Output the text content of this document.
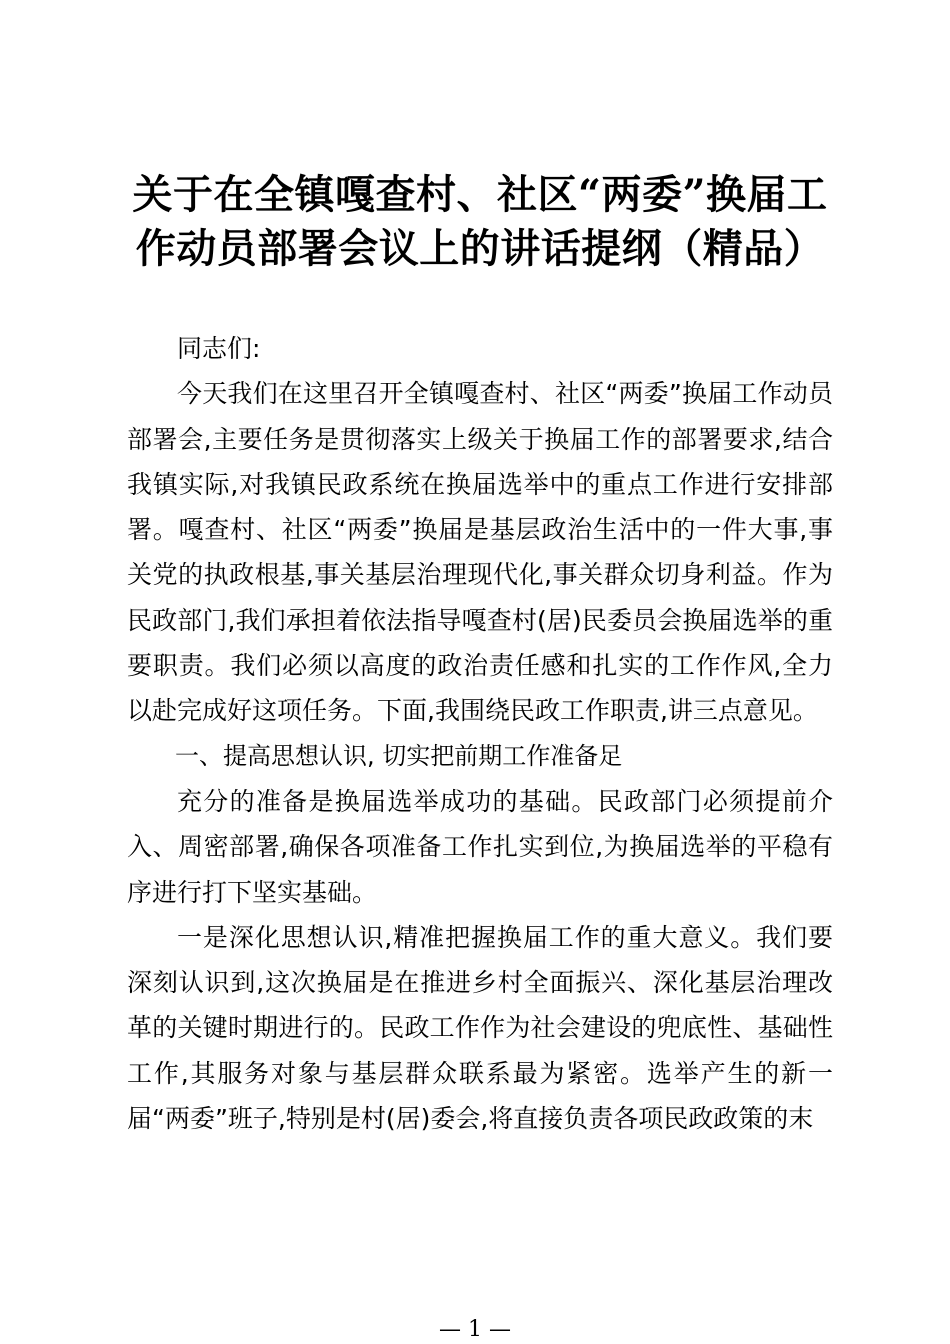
关于在全镇嘎查村、社区“两委”换届工作动员部署会议上的讲话提纲（精品）

同志们:

今天我们在这里召开全镇嘎查村、社区“两委”换届工作动员部署会,主要任务是贯彻落实上级关于换届工作的部署要求,结合我镇实际,对我镇民政系统在换届选举中的重点工作进行安排部署。嘎查村、社区“两委”换届是基层政治生活中的一件大事,事关党的执政根基,事关基层治理现代化,事关群众切身利益。作为民政部门,我们承担着依法指导嘎查村(居)民委员会换届选举的重要职责。我们必须以高度的政治责任感和扎实的工作作风,全力以赴完成好这项任务。下面,我围绕民政工作职责,讲三点意见。

一、提高思想认识, 切实把前期工作准备足

充分的准备是换届选举成功的基础。民政部门必须提前介入、周密部署,确保各项准备工作扎实到位,为换届选举的平稳有序进行打下坚实基础。

一是深化思想认识,精准把握换届工作的重大意义。我们要深刻认识到,这次换届是在推进乡村全面振兴、深化基层治理改革的关键时期进行的。民政工作作为社会建设的兜底性、基础性工作,其服务对象与基层群众联系最为紧密。选举产生的新一届“两委”班子,特别是村(居)委会,将直接负责各项民政政策的末

— 1 —
